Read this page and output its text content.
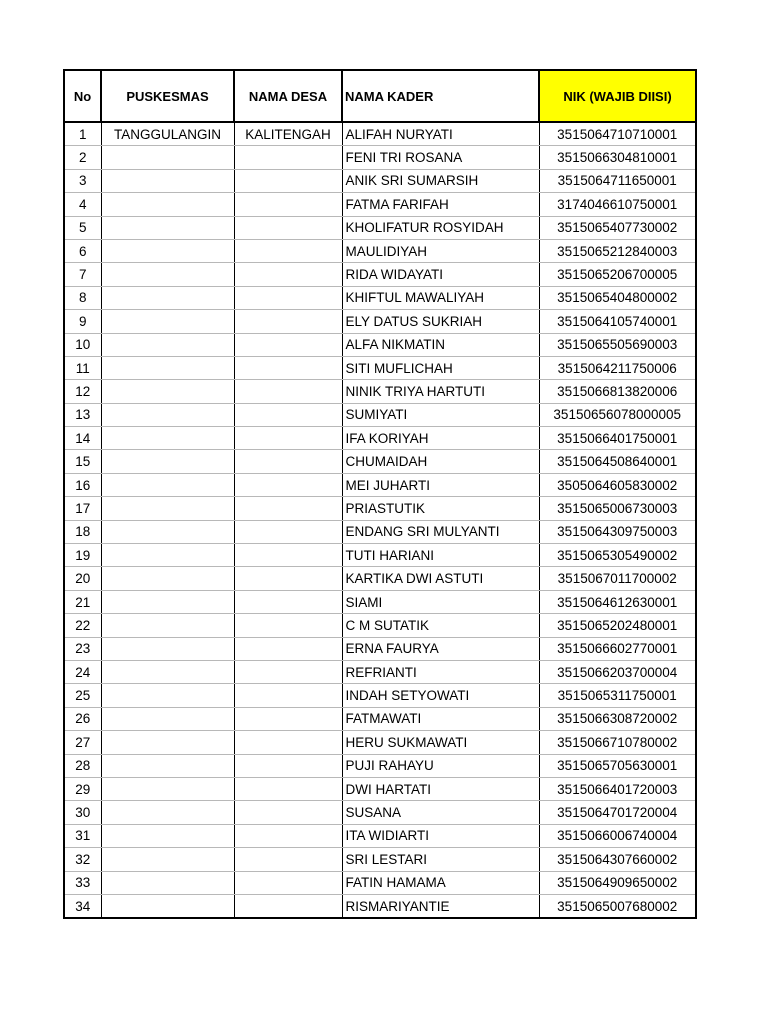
No	PUSKESMAS	NAMA DESA	NAMA KADER	NIK (WAJIB DIISI)
1	TANGGULANGIN	KALITENGAH	ALIFAH NURYATI	3515064710710001
2			FENI TRI ROSANA	3515066304810001
3			ANIK SRI SUMARSIH	3515064711650001
4			FATMA FARIFAH	3174046610750001
5			KHOLIFATUR ROSYIDAH	3515065407730002
6			MAULIDIYAH	3515065212840003
7			RIDA WIDAYATI	3515065206700005
8			KHIFTUL MAWALIYAH	3515065404800002
9			ELY DATUS SUKRIAH	3515064105740001
10			ALFA NIKMATIN	3515065505690003
11			SITI MUFLICHAH	3515064211750006
12			NINIK TRIYA HARTUTI	3515066813820006
13			SUMIYATI	35150656078000005
14			IFA KORIYAH	3515066401750001
15			CHUMAIDAH	3515064508640001
16			MEI JUHARTI	3505064605830002
17			PRIASTUTIK	3515065006730003
18			ENDANG SRI MULYANTI	3515064309750003
19			TUTI HARIANI	3515065305490002
20			KARTIKA DWI ASTUTI	3515067011700002
21			SIAMI	3515064612630001
22			C M SUTATIK	3515065202480001
23			ERNA FAURYA	3515066602770001
24			REFRIANTI	3515066203700004
25			INDAH SETYOWATI	3515065311750001
26			FATMAWATI	3515066308720002
27			HERU SUKMAWATI	3515066710780002
28			PUJI RAHAYU	3515065705630001
29			DWI HARTATI	3515066401720003
30			SUSANA	3515064701720004
31			ITA WIDIARTI	3515066006740004
32			SRI LESTARI	3515064307660002
33			FATIN HAMAMA	3515064909650002
34			RISMARIYANTIE	3515065007680002
